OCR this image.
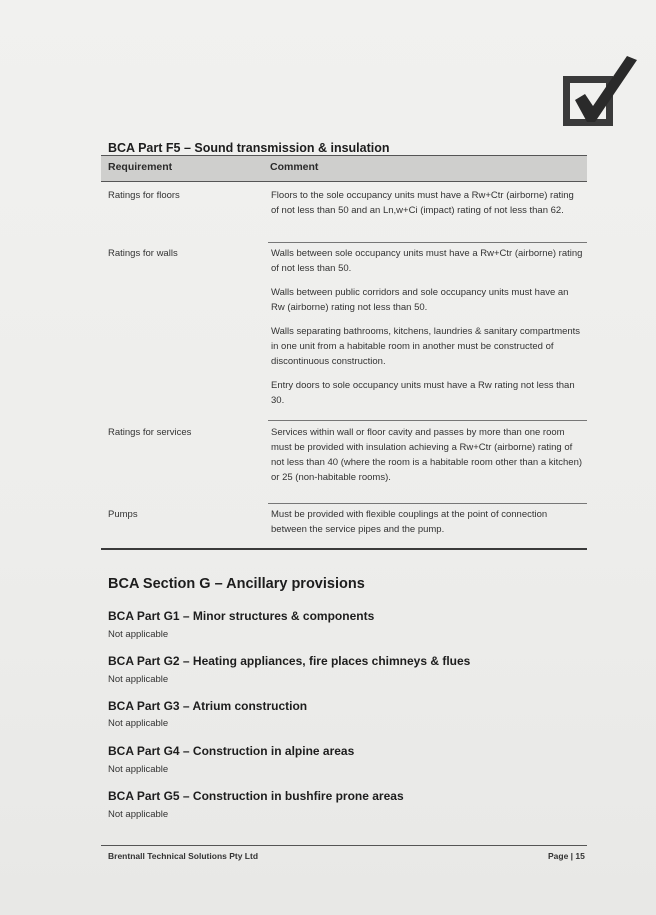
BCA Part F5 – Sound transmission & insulation
Requirement	Comment
Ratings for floors	Floors to the sole occupancy units must have a Rw+Ctr (airborne) rating of not less than 50 and an Ln,w+Ci (impact) rating of not less than 62.

Ratings for walls	Walls between sole occupancy units must have a Rw+Ctr (airborne) rating of not less than 50.

Walls between public corridors and sole occupancy units must have an Rw (airborne) rating not less than 50.

Walls separating bathrooms, kitchens, laundries & sanitary compartments in one unit from a habitable room in another must be constructed of discontinuous construction.

Entry doors to sole occupancy units must have a Rw rating not less than 30.

Ratings for services	Services within wall or floor cavity and passes by more than one room must be provided with insulation achieving a Rw+Ctr (airborne) rating of not less than 40 (where the room is a habitable room other than a kitchen) or 25 (non-habitable rooms).

Pumps	Must be provided with flexible couplings at the point of connection between the service pipes and the pump.

BCA Section G – Ancillary provisions
BCA Part G1 – Minor structures & components
Not applicable
BCA Part G2 – Heating appliances, fire places chimneys & flues
Not applicable
BCA Part G3 – Atrium construction
Not applicable
BCA Part G4 – Construction in alpine areas
Not applicable
BCA Part G5 – Construction in bushfire prone areas
Not applicable
Brentnall Technical Solutions Pty Ltd	Page | 15
